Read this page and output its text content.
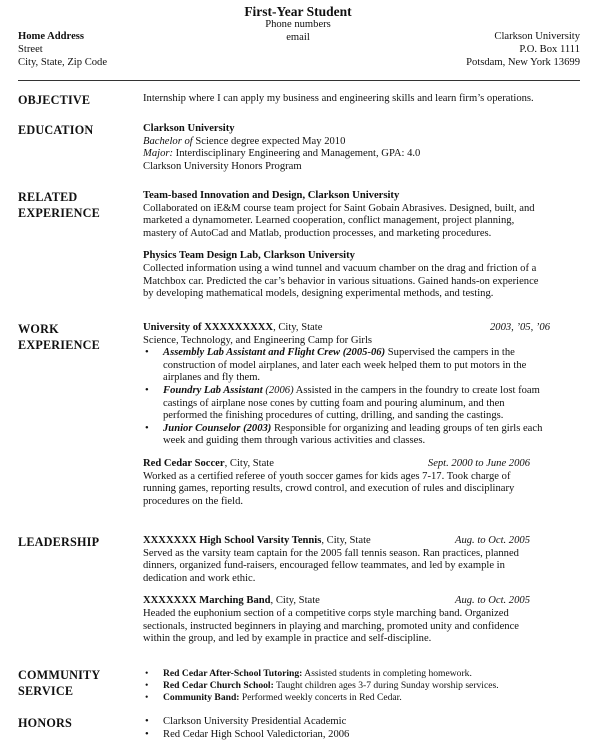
First-Year Student
Phone numbers
email
Home Address
Street
City, State, Zip Code
Clarkson University
P.O. Box 1111
Potsdam, New York 13699
OBJECTIVE	Internship where I can apply my business and engineering skills and learn firm’s operations.

EDUCATION	Clarkson University

Bachelor of Science degree expected May 2010

Major: Interdisciplinary Engineering and Management, GPA: 4.0

Clarkson University Honors Program

RELATED
EXPERIENCE

Team-based Innovation and Design, Clarkson University

Collaborated on iE&M course team project for Saint Gobain Abrasives. Designed, built, and

marketed a dynamometer. Learned cooperation, conflict management, project planning,

mastery of AutoCad and Matlab, production processes, and marketing procedures.

Physics Team Design Lab, Clarkson University

Collected information using a wind tunnel and vacuum chamber on the drag and friction of a

Matchbox car. Predicted the car’s behavior in various situations. Gained hands-on experience

by developing mathematical models, designing experimental methods, and testing.

WORK
EXPERIENCE

University of XXXXXXXXX, City, State	2003, ’05, ’06

Science, Technology, and Engineering Camp for Girls

• Assembly Lab Assistant and Flight Crew (2005-06) Supervised the campers in the
construction of model airplanes, and later each week helped them to put motors in the
airplanes and fly them.
• Foundry Lab Assistant (2006) Assisted in the campers in the foundry to create lost foam
castings of airplane nose cones by cutting foam and pouring aluminum, and then
performed the finishing procedures of cutting, drilling, and sanding the castings.
• Junior Counselor (2003) Responsible for organizing and leading groups of ten girls each
week and guiding them through various activities and classes.

Red Cedar Soccer, City, State	Sept. 2000 to June 2006

Worked as a certified referee of youth soccer games for kids ages 7-17. Took charge of

running games, reporting results, crowd control, and execution of rules and disciplinary

procedures on the field.

LEADERSHIP	XXXXXXX High School Varsity Tennis, City, State	Aug. to Oct. 2005

Served as the varsity team captain for the 2005 fall tennis season. Ran practices, planned

dinners, organized fund-raisers, encouraged fellow teammates, and led by example in

dedication and work ethic.

XXXXXXX Marching Band, City, State	Aug. to Oct. 2005

Headed the euphonium section of a competitive corps style marching band. Organized

sectionals, instructed beginners in playing and marching, promoted unity and confidence

within the group, and led by example in practice and self-discipline.

COMMUNITY
SERVICE
• Red Cedar After-School Tutoring: Assisted students in completing homework.
• Red Cedar Church School: Taught children ages 3-7 during Sunday worship services.
• Community Band: Performed weekly concerts in Red Cedar.
HONORS	• Clarkson University Presidential Academic
• Red Cedar High School Valedictorian, 2006
